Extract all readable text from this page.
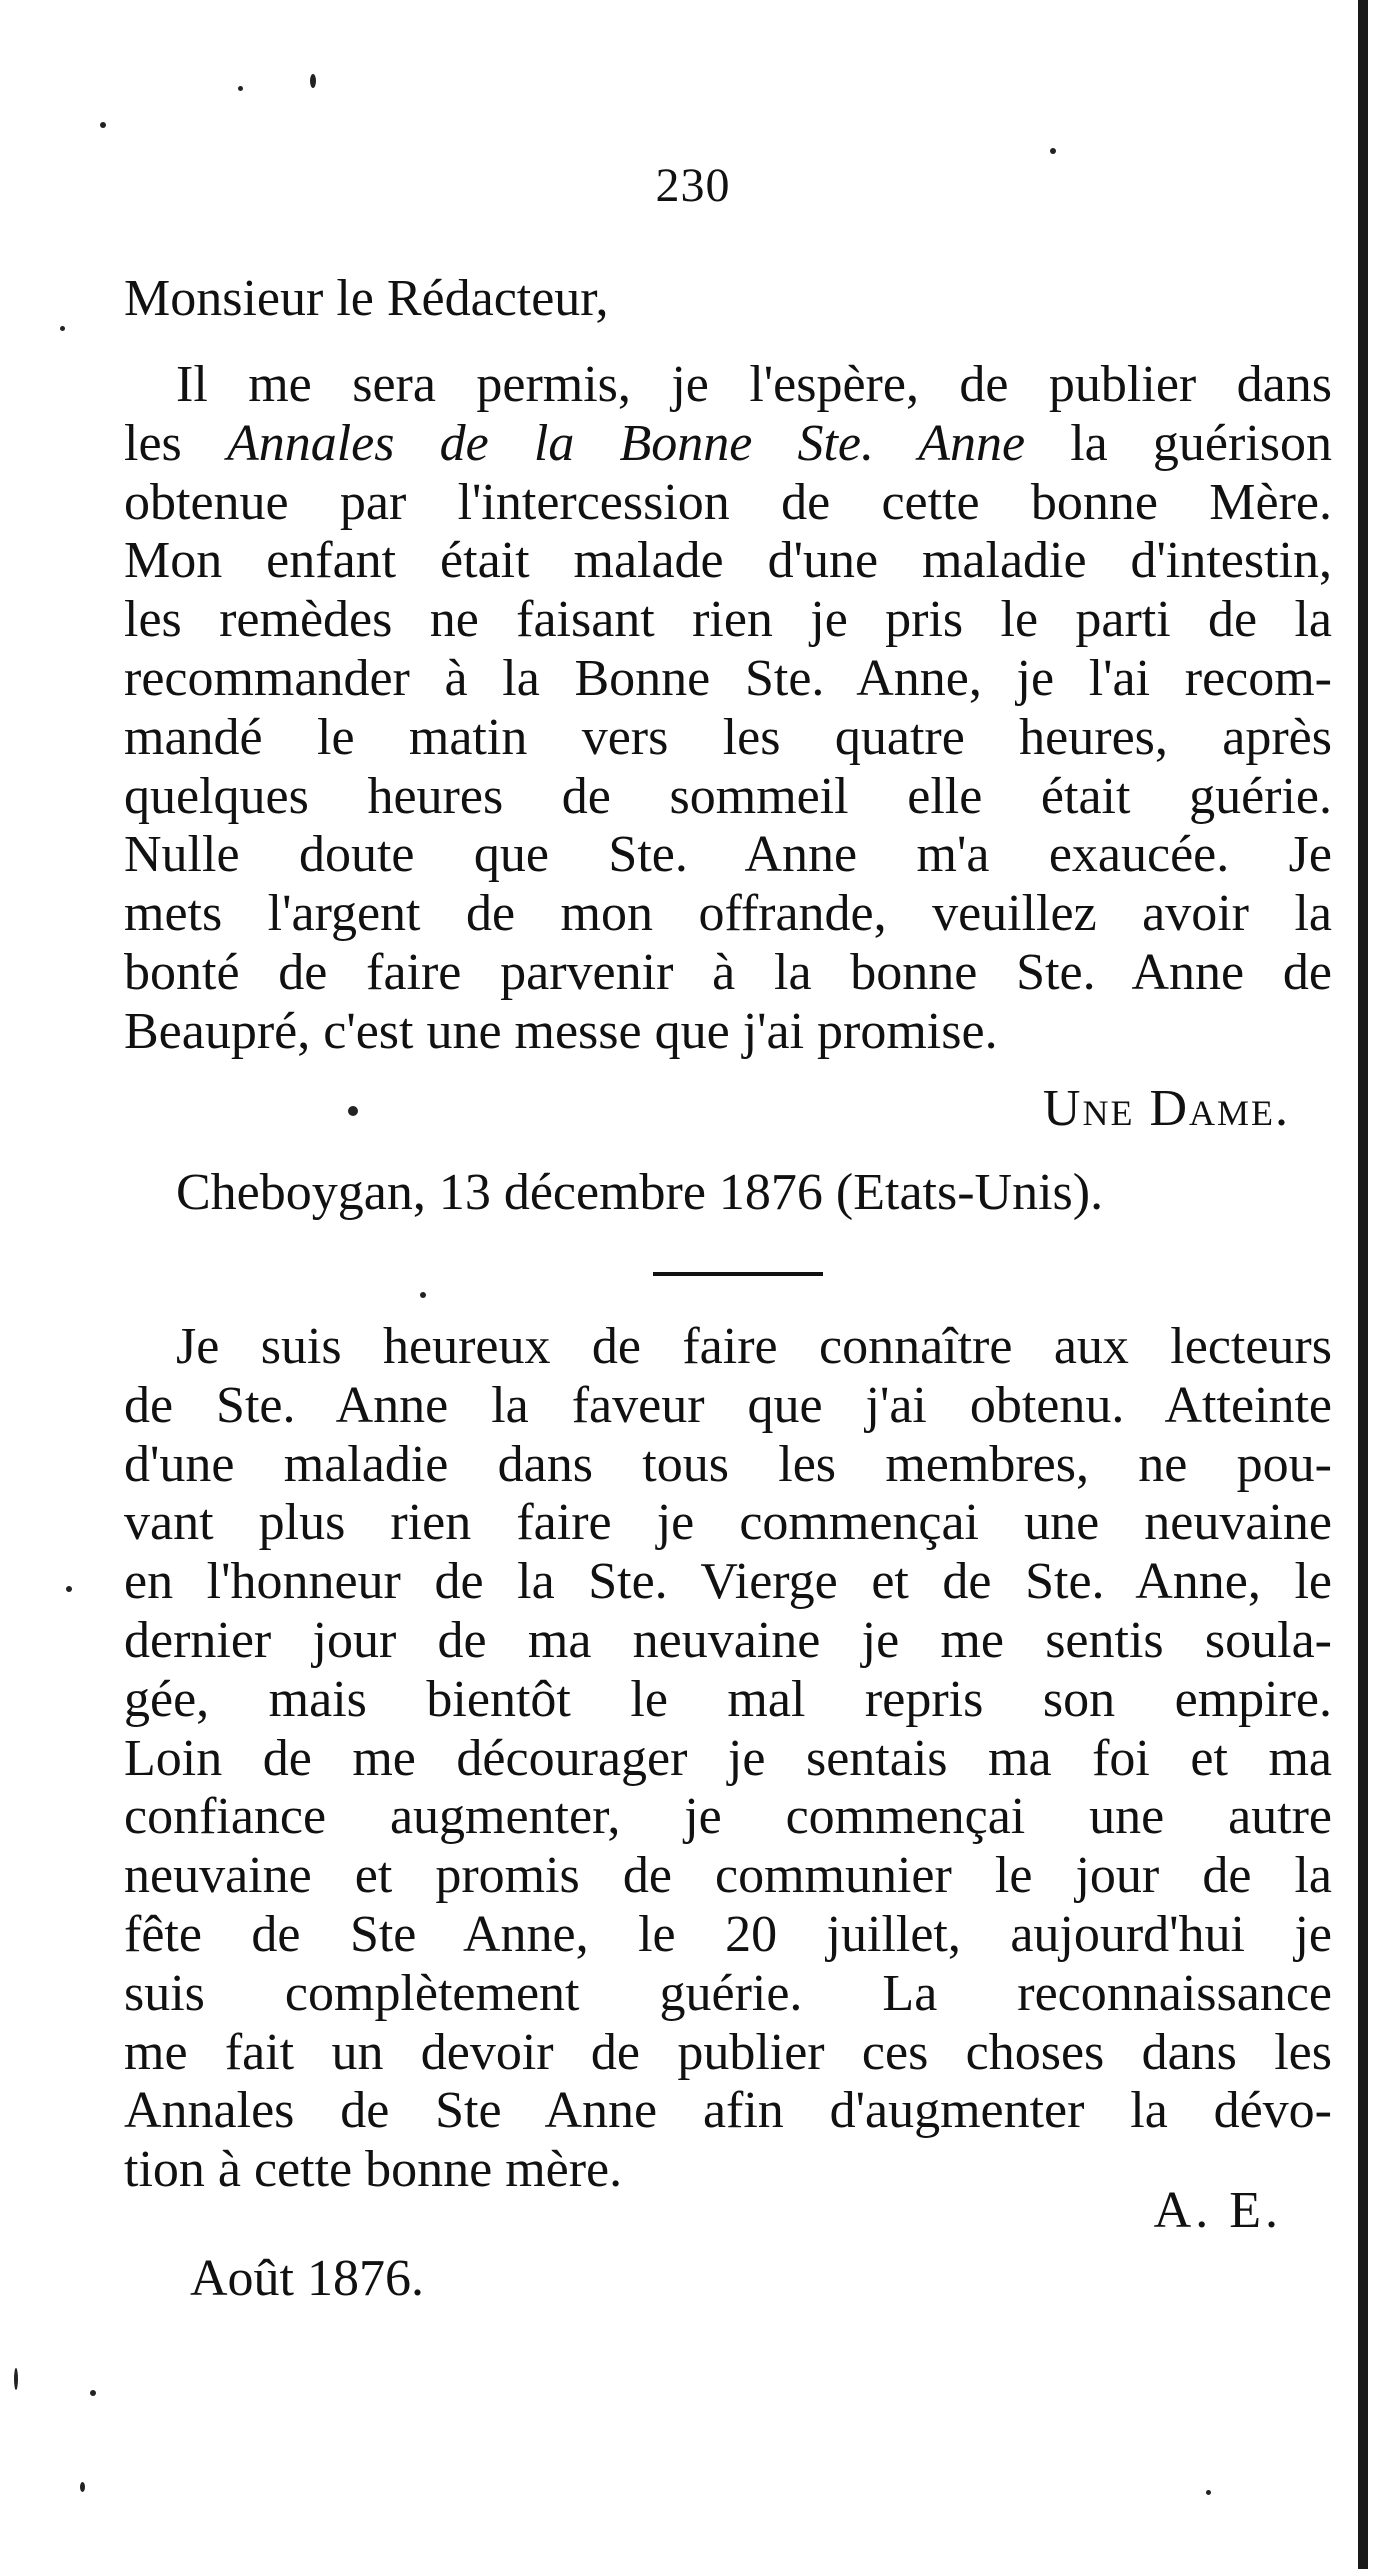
230
Monsieur le Rédacteur,
Il me sera permis, je l'espère, de publier dans
les Annales de la Bonne Ste. Anne la guérison
obtenue par l'intercession de cette bonne Mère.
Mon enfant était malade d'une maladie d'intestin,
les remèdes ne faisant rien je pris le parti de la
recommander à la Bonne Ste. Anne, je l'ai recom-
mandé le matin vers les quatre heures, après
quelques heures de sommeil elle était guérie.
Nulle doute que Ste. Anne m'a exaucée. Je
mets l'argent de mon offrande, veuillez avoir la
bonté de faire parvenir à la bonne Ste. Anne de
Beaupré, c'est une messe que j'ai promise.
Une Dame.
Cheboygan, 13 décembre 1876 (Etats-Unis).
Je suis heureux de faire connaître aux lecteurs
de Ste. Anne la faveur que j'ai obtenu. Atteinte
d'une maladie dans tous les membres, ne pou-
vant plus rien faire je commençai une neuvaine
en l'honneur de la Ste. Vierge et de Ste. Anne, le
dernier jour de ma neuvaine je me sentis soula-
gée, mais bientôt le mal repris son empire.
Loin de me décourager je sentais ma foi et ma
confiance augmenter, je commençai une autre
neuvaine et promis de communier le jour de la
fête de Ste Anne, le 20 juillet, aujourd'hui je
suis complètement guérie. La reconnaissance
me fait un devoir de publier ces choses dans les
Annales de Ste Anne afin d'augmenter la dévo-
tion à cette bonne mère.
A. E.
Août 1876.
